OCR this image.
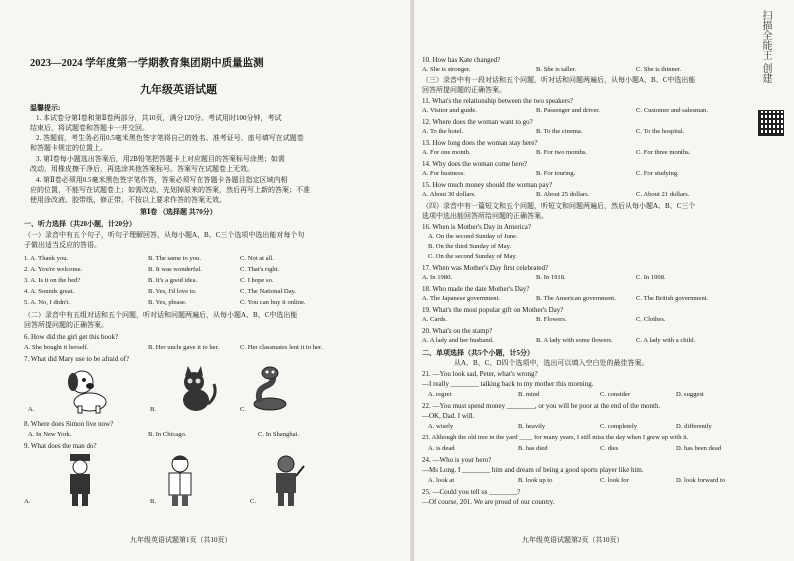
2023—2024 学年度第一学期教育集团期中质量监测
九年级英语试题
温馨提示:
1. 本试卷分第Ⅰ卷和第Ⅱ卷两部分，共10页，满分120分。考试用时100分钟，考试
结束后，将试题卷和答题卡一并交回。
2. 答题前，考生务必用0.5毫米黑色签字笔将自己的姓名、准考证号、座号填写在试题卷
和答题卡规定的位置上。
3. 第Ⅰ卷每小题选出答案后，用2B铅笔把答题卡上对应题目的答案标号涂黑；如需
改动，用橡皮擦干净后，再选涂其他答案标号。答案写在试题卷上无效。
4. 第Ⅱ卷必须用0.5毫米黑色签字笔作答，答案必须写在答题卡各题目指定区域内相
应的位置，不能写在试题卷上；如需改动，先划掉原来的答案，然后再写上新的答案；不准
使用涂改液、胶带纸、修正带。不按以上要求作答的答案无效。
第Ⅰ卷 （选择题 共70分）
一、听力选择（共20小题，计20分）
（一）录音中有五个句子，听句子理解回答，从每小题A、B、C三个选项中选出能对每个句
子做出适当反应的答语。
1. A. Thank you.	B. The same to you.	C. Not at all.
2. A. You're welcome.	B. It was wonderful.	C. That's right.
3. A. Is it on the bed?	B. It's a good idea.	C. I hope so.
4. A. Sounds great.	B. Yes, I'd love to.	C. The National Day.
5. A. No, I didn't.	B. Yes, please.	C. You can buy it online.
（二）录音中有五组对话和五个问题，听对话和问题两遍后，从每小题A、B、C中选出能
回答所提问题的正确答案。
6. How did the girl get this book?
A. She bought it herself.	B. Her uncle gave it to her.	C. Her classmates lent it to her.
7. What did Mary use to be afraid of?
A.	B.	C.
8. Where does Simon live now?
A. In New York.	B. In Chicago.	C. In Shanghai.
9. What does the man do?
A.	B.	C.
九年级英语试题第1页（共10页）
10. How has Kate changed?
A. She is stronger.	B. She is taller.	C. She is thinner.
（三）录音中有一段对话和五个问题，听对话和问题两遍后，从每小题A、B、C中选出能
回答所提问题的正确答案。
11. What's the relationship between the two speakers?
A. Visitor and guide.	B. Passenger and driver.	C. Customer and salesman.
12. Where does the woman want to go?
A. To the hotel.	B. To the cinema.	C. To the hospital.
13. How long does the woman stay here?
A. For one month.	B. For two months.	C. For three months.
14. Why does the woman come here?
A. For business.	B. For touring.	C. For studying.
15. How much money should the woman pay?
A. About 30 dollars.	B. About 25 dollars.	C. About 21 dollars.
（四）录音中有一篇短文和五个问题，听短文和问题两遍后，然后从每小题A、B、C三个
选项中选出能回答所给问题的正确答案。
16. When is Mother's Day in America?
A. On the second Sunday of June.
B. On the third Sunday of May.
C. On the second Sunday of May.
17. When was Mother's Day first celebrated?
A. In 1980.	B. In 1918.	C. In 1908.
18. Who made the date Mother's Day?
A. The Japanese government.	B. The American government.	C. The British government.
19. What's the most popular gift on Mother's Day?
A. Cards.	B. Flowers.	C. Clothes.
20. What's on the stamp?
A. A lady and her husband.	B. A lady with some flowers.	C. A lady with a child.
二、单项选择（共5个小题，计5分）
从A、B、C、D四个选项中，选出可以填入空白处的最佳答案。
21. —You look sad, Peter, what's wrong?
—I really ________ talking back to my mother this morning.
A. regret	B. mind	C. consider	D. suggest
22. —You must spend money ________, or you will be poor at the end of the month.
—OK, Dad. I will.
A. wisely	B. heavily	C. completely	D. differently
23. Although the old tree in the yard ____ for many years, I still miss the day when I grew up with it.
A. is dead	B. has died	C. dies	D. has been dead
24. —Who is your hero?
—Ms Long. I ________ him and dream of being a good sports player like him.
A. look at	B. look up to	C. look for	D. look forward to
25. —Could you tell us ________?
—Of course, 201. We are proud of our country.
九年级英语试题第2页（共10页）
扫描全能王 创建
